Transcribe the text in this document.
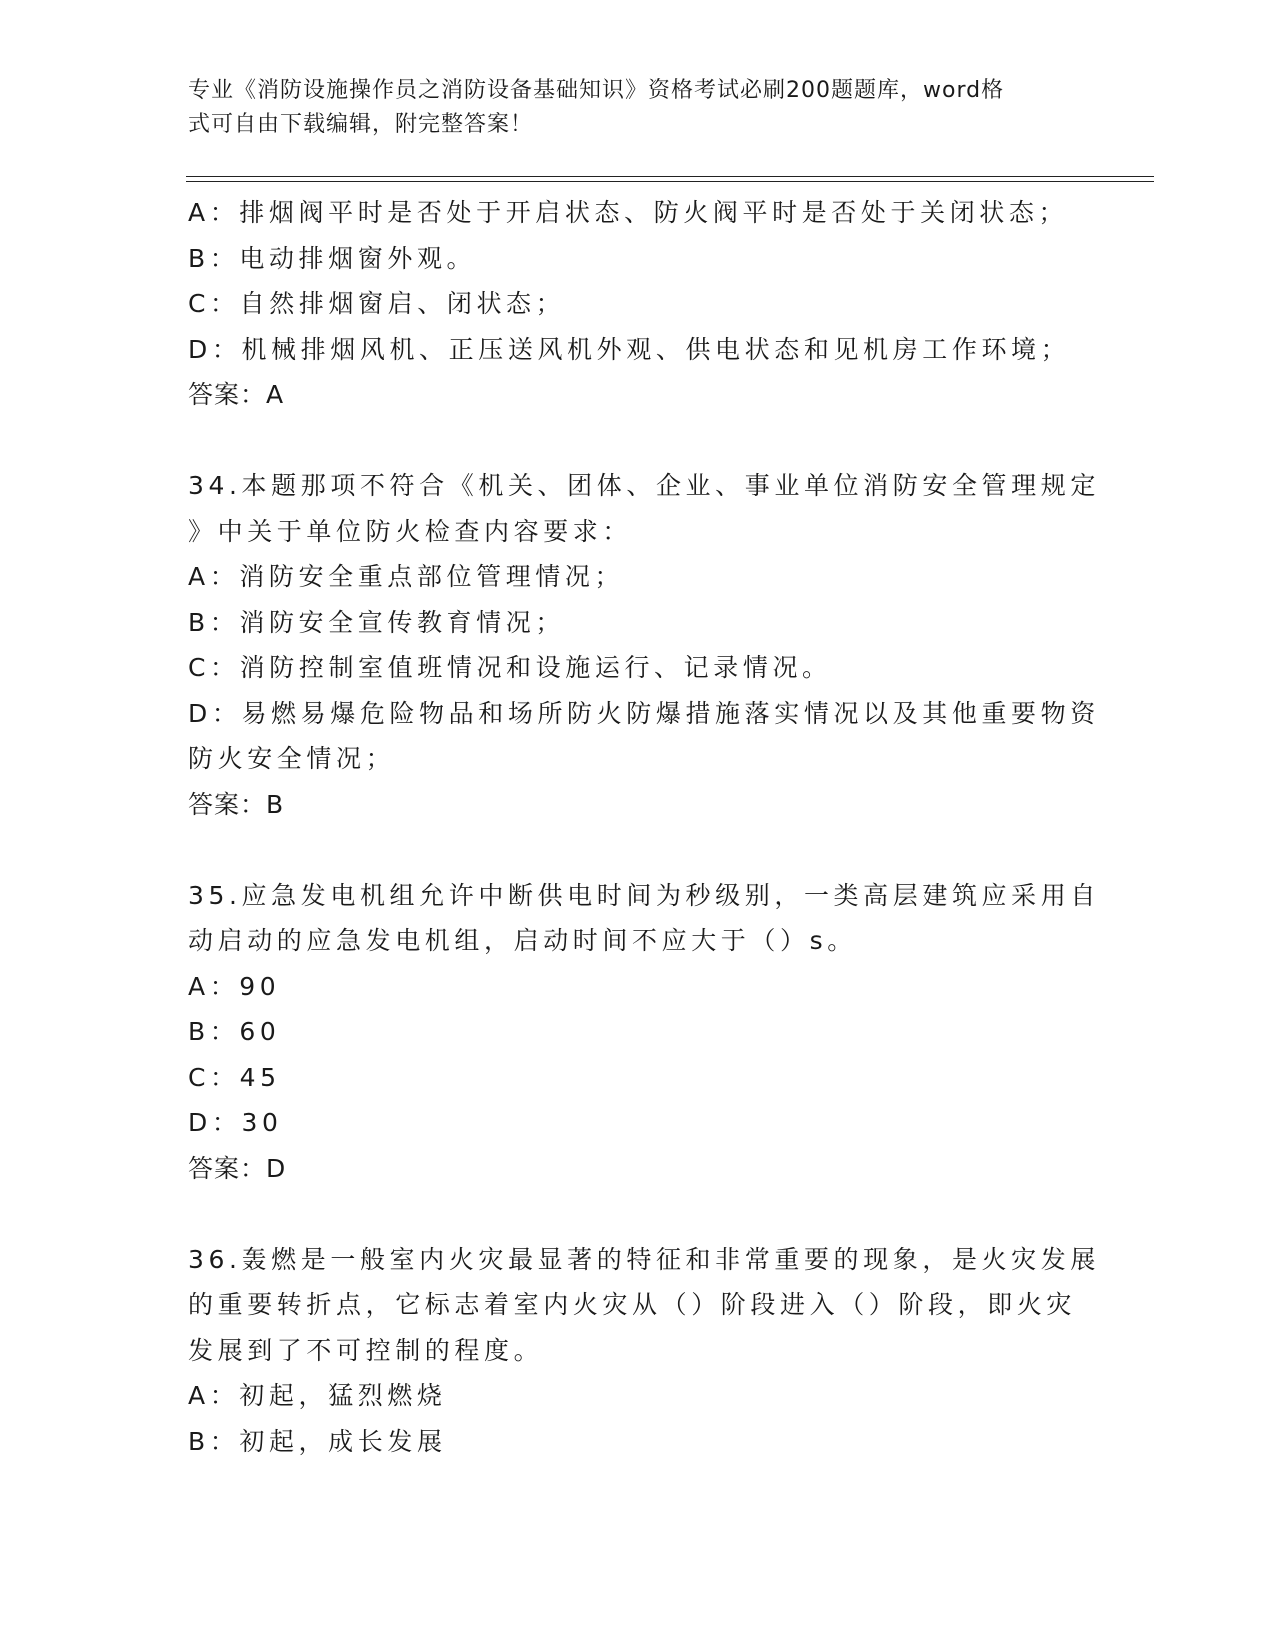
专业《消防设施操作员之消防设备基础知识》资格考试必刷200题题库，word格
式可自由下载编辑，附完整答案！
A：排烟阀平时是否处于开启状态、防火阀平时是否处于关闭状态；
B：电动排烟窗外观。
C：自然排烟窗启、闭状态；
D：机械排烟风机、正压送风机外观、供电状态和见机房工作环境；
答案：A
34.本题那项不符合《机关、团体、企业、事业单位消防安全管理规定
》中关于单位防火检查内容要求：
A：消防安全重点部位管理情况；
B：消防安全宣传教育情况；
C：消防控制室值班情况和设施运行、记录情况。
D：易燃易爆危险物品和场所防火防爆措施落实情况以及其他重要物资
防火安全情况；
答案：B
35.应急发电机组允许中断供电时间为秒级别，一类高层建筑应采用自
动启动的应急发电机组，启动时间不应大于（）s。
A：90
B：60
C：45
D：30
答案：D
36.轰燃是一般室内火灾最显著的特征和非常重要的现象，是火灾发展
的重要转折点，它标志着室内火灾从（）阶段进入（）阶段，即火灾
发展到了不可控制的程度。
A：初起，猛烈燃烧
B：初起，成长发展
